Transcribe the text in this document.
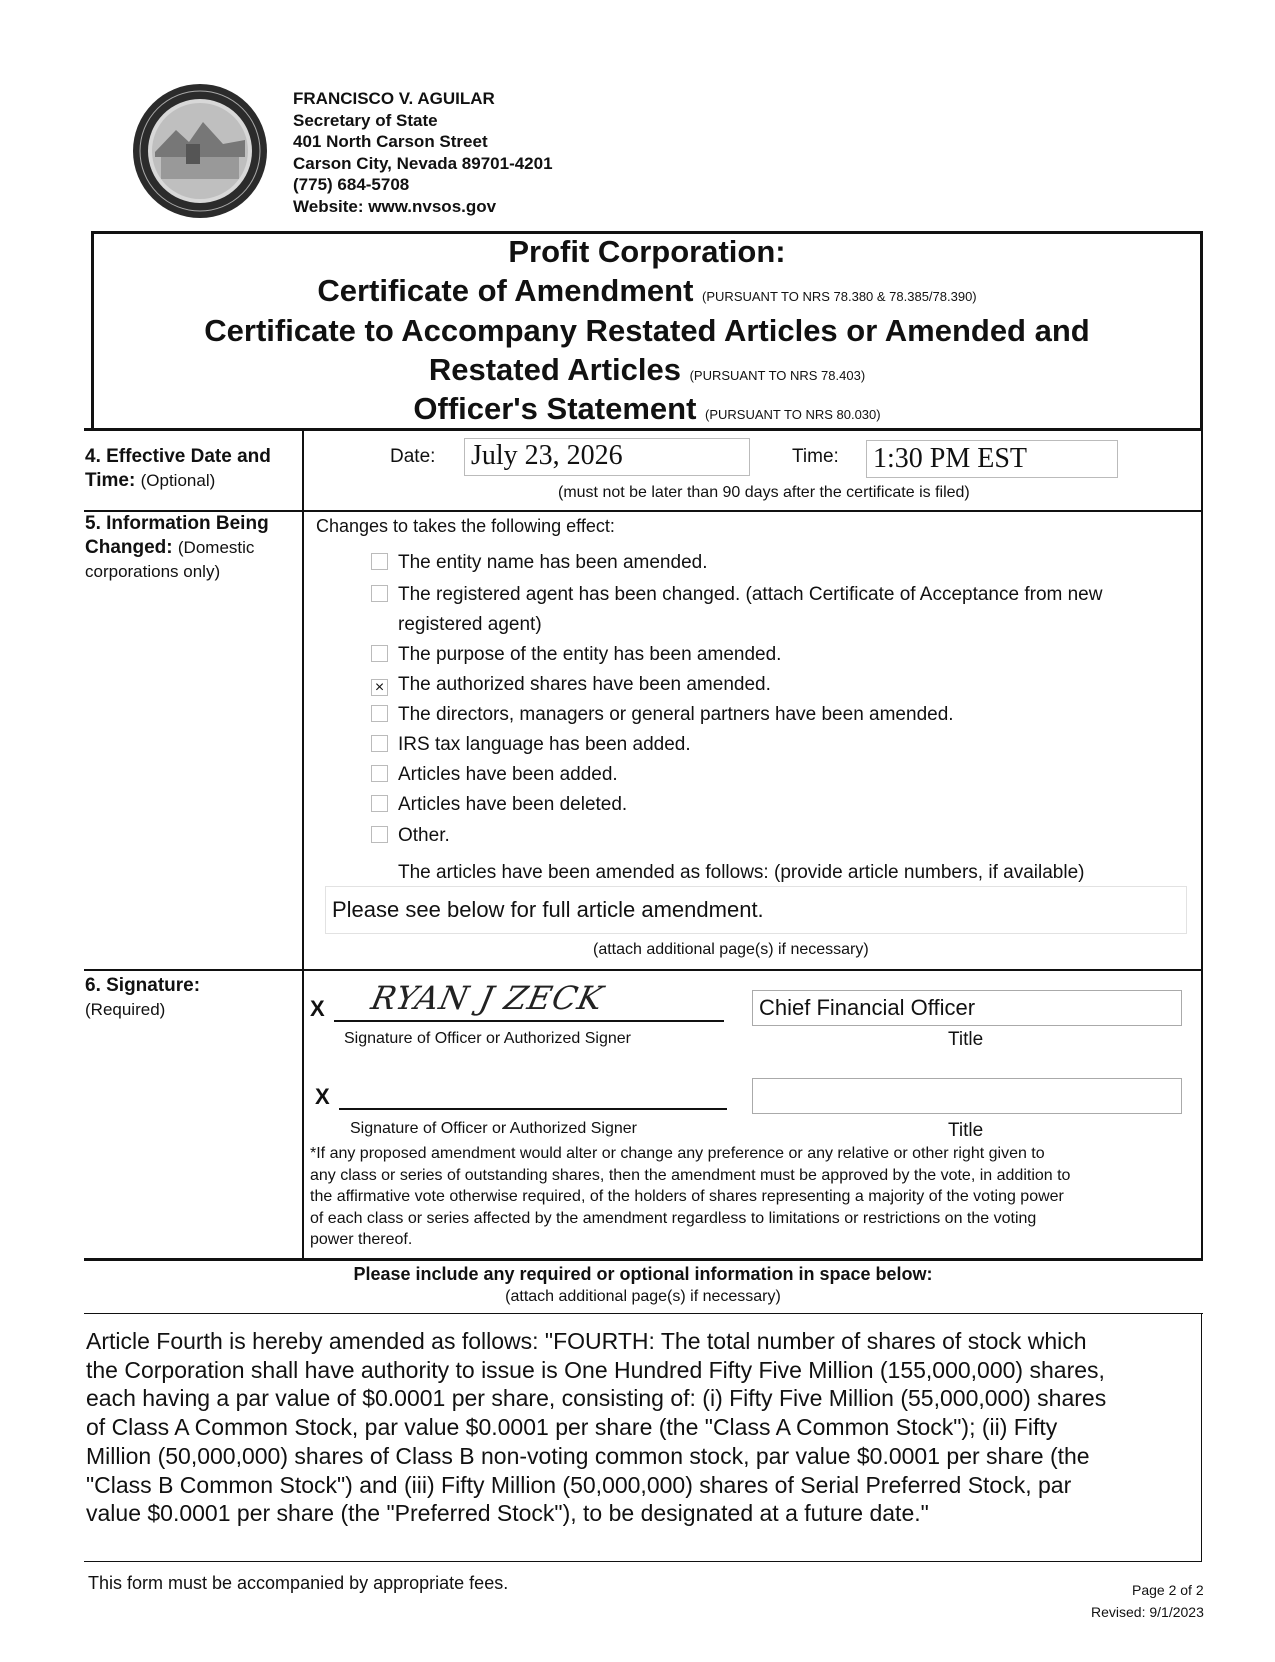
FRANCISCO V. AGUILAR
Secretary of State
401 North Carson Street
Carson City, Nevada 89701-4201
(775) 684-5708
Website: www.nvsos.gov
Profit Corporation:
Certificate of Amendment (PURSUANT TO NRS 78.380 & 78.385/78.390)
Certificate to Accompany Restated Articles or Amended and
Restated Articles (PURSUANT TO NRS 78.403)
Officer's Statement (PURSUANT TO NRS 80.030)
4. Effective Date and
Time: (Optional)
Date: July 23, 2026	Time: 1:30 PM EST
(must not be later than 90 days after the certificate is filed)
5. Information Being
Changed: (Domestic
corporations only)
Changes to takes the following effect:
The entity name has been amended.
The registered agent has been changed. (attach Certificate of Acceptance from new
registered agent)
The purpose of the entity has been amended.
× The authorized shares have been amended.
The directors, managers or general partners have been amended.
IRS tax language has been added.
Articles have been added.
Articles have been deleted.
Other.
The articles have been amended as follows: (provide article numbers, if available)
Please see below for full article amendment.
(attach additional page(s) if necessary)
6. Signature:
(Required)	X RYAN J ZECK
Signature of Officer or Authorized Signer
Chief Financial Officer
Title
X
Signature of Officer or Authorized Signer	Title
*If any proposed amendment would alter or change any preference or any relative or other right given to
any class or series of outstanding shares, then the amendment must be approved by the vote, in addition to
the affirmative vote otherwise required, of the holders of shares representing a majority of the voting power
of each class or series affected by the amendment regardless to limitations or restrictions on the voting
power thereof.
Please include any required or optional information in space below:
(attach additional page(s) if necessary)
Article Fourth is hereby amended as follows: "FOURTH: The total number of shares of stock which
the Corporation shall have authority to issue is One Hundred Fifty Five Million (155,000,000) shares,
each having a par value of $0.0001 per share, consisting of: (i) Fifty Five Million (55,000,000) shares
of Class A Common Stock, par value $0.0001 per share (the "Class A Common Stock"); (ii) Fifty
Million (50,000,000) shares of Class B non-voting common stock, par value $0.0001 per share (the
"Class B Common Stock") and (iii) Fifty Million (50,000,000) shares of Serial Preferred Stock, par
value $0.0001 per share (the "Preferred Stock"), to be designated at a future date."
This form must be accompanied by appropriate fees.	Page 2 of 2
Revised: 9/1/2023
